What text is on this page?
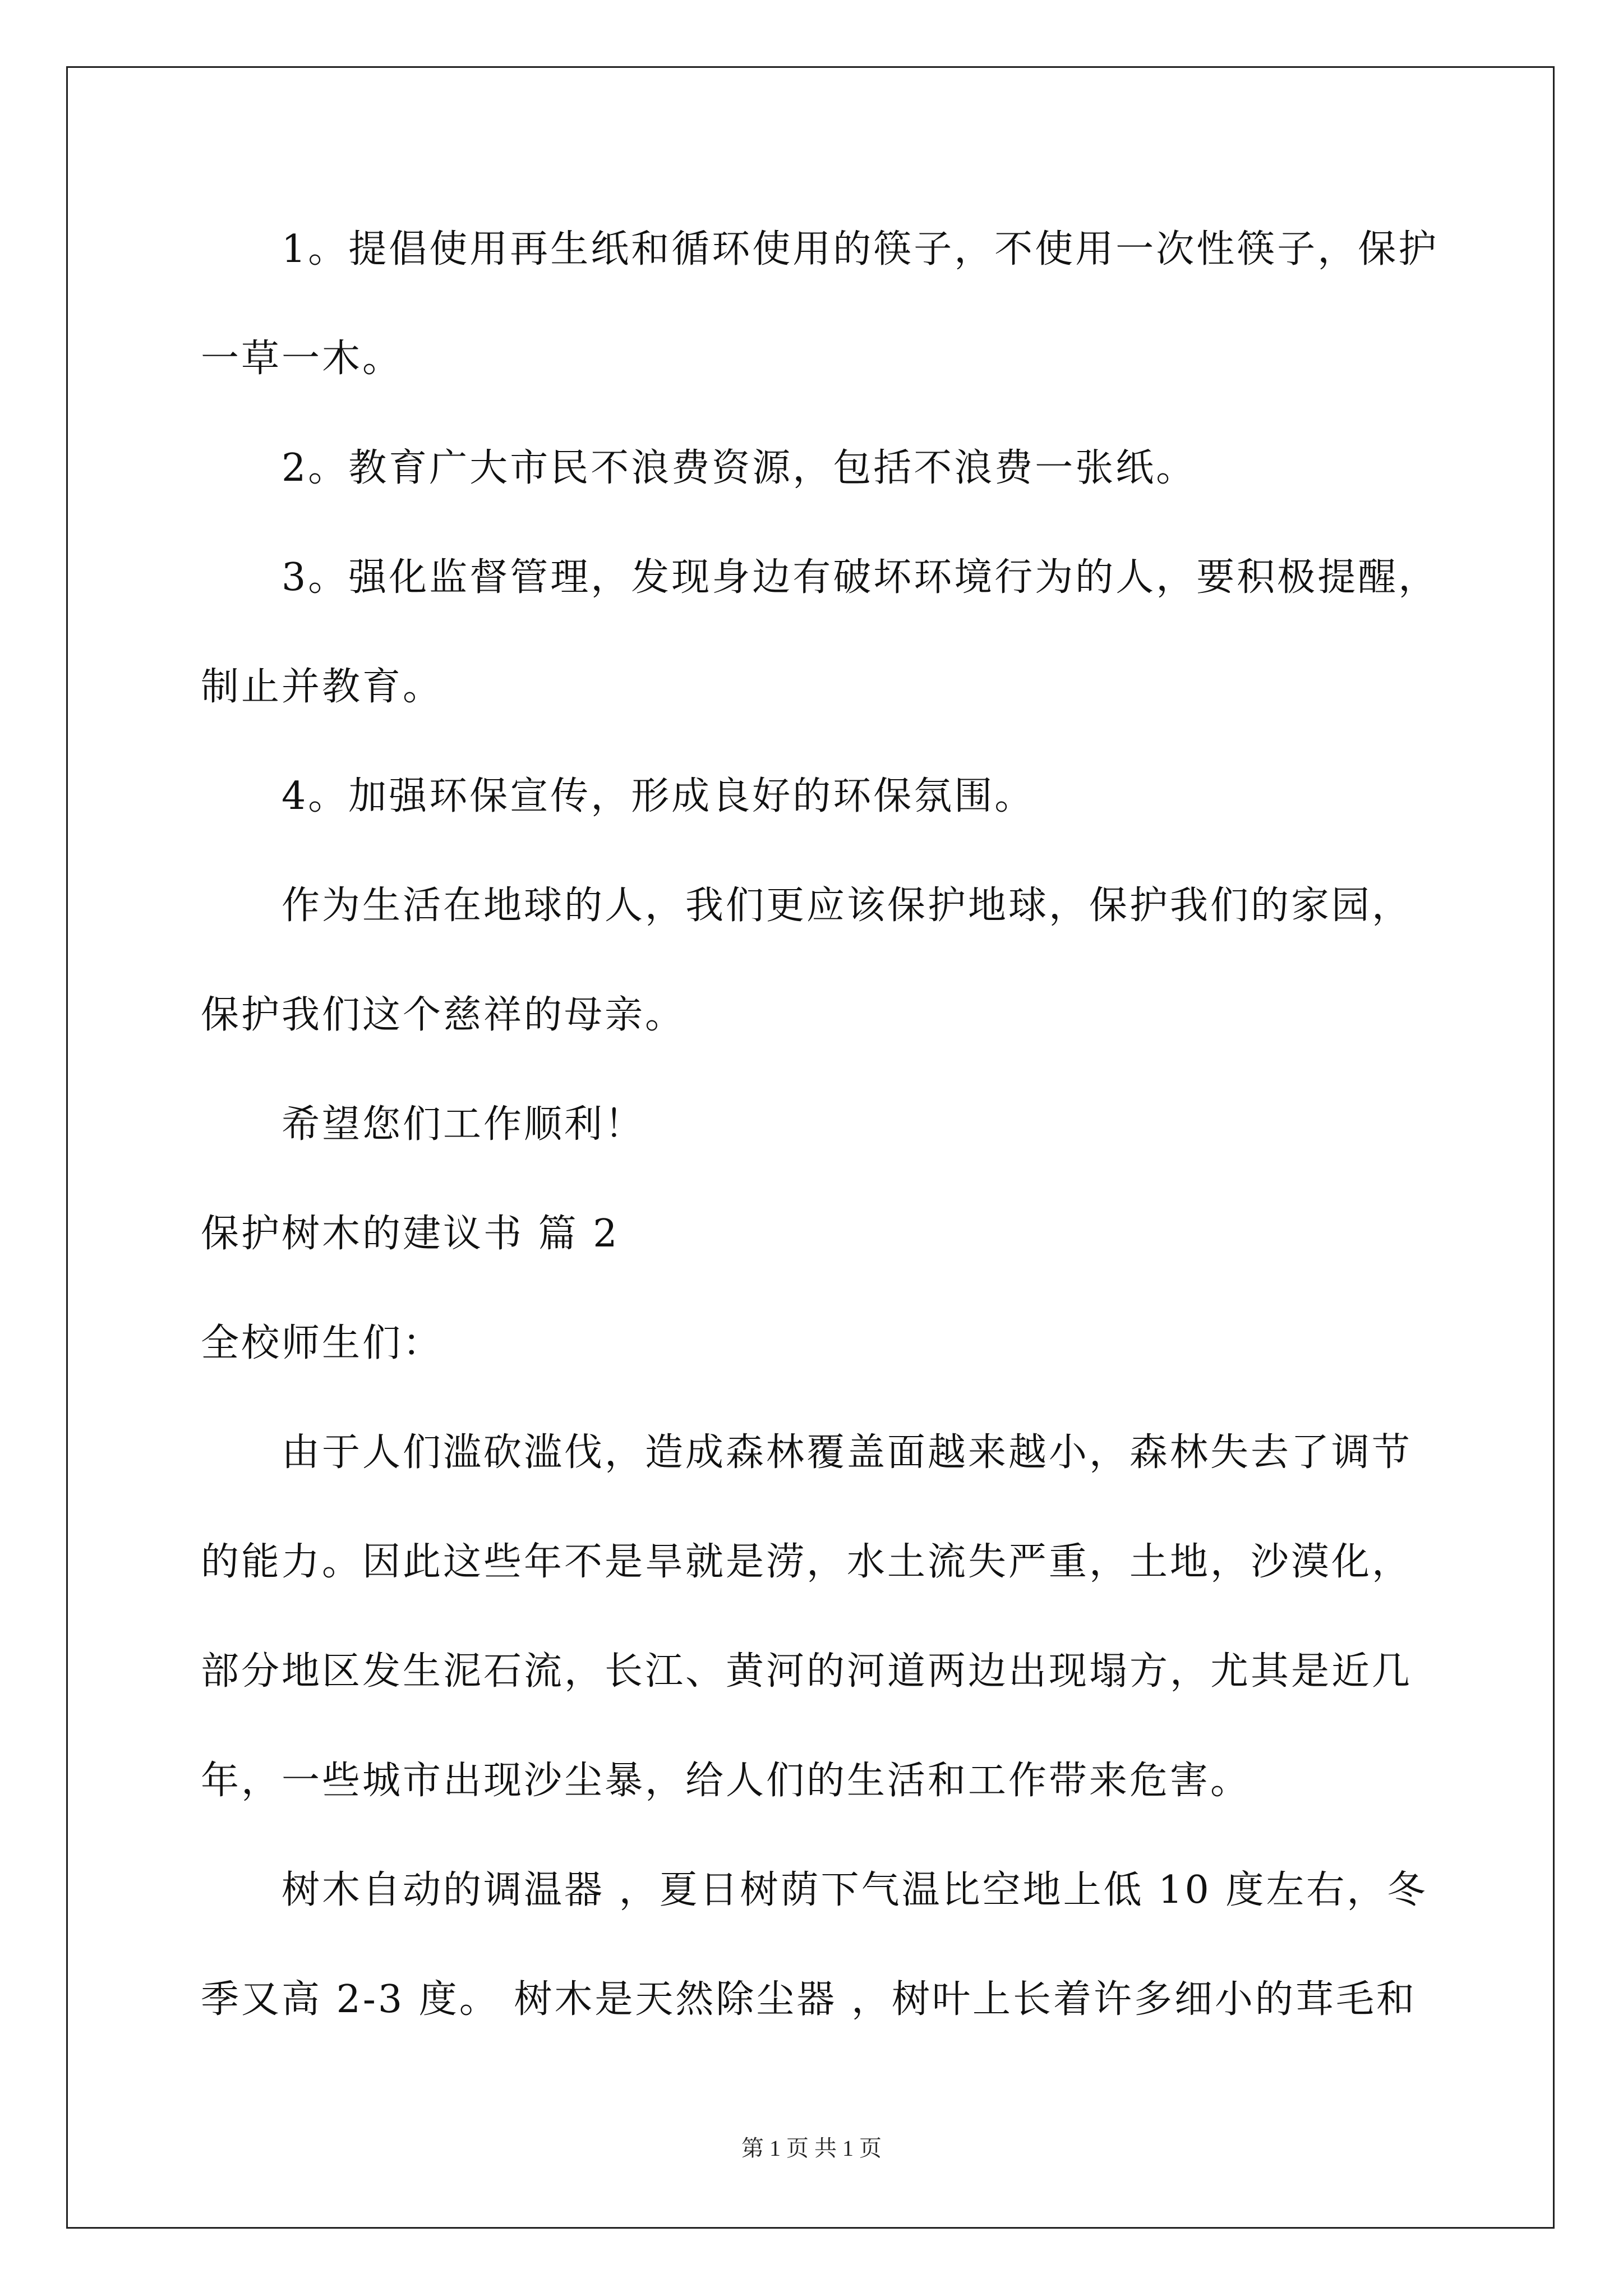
1。提倡使用再生纸和循环使用的筷子，不使用一次性筷子，保护
一草一木。
2。教育广大市民不浪费资源，包括不浪费一张纸。
3。强化监督管理，发现身边有破坏环境行为的人，要积极提醒，
制止并教育。
4。加强环保宣传，形成良好的环保氛围。
作为生活在地球的人，我们更应该保护地球，保护我们的家园，
保护我们这个慈祥的母亲。
希望您们工作顺利！
保护树木的建议书 篇 2
全校师生们：
由于人们滥砍滥伐，造成森林覆盖面越来越小，森林失去了调节
的能力。因此这些年不是旱就是涝，水土流失严重，土地，沙漠化，
部分地区发生泥石流，长江、黄河的河道两边出现塌方，尤其是近几
年，一些城市出现沙尘暴，给人们的生活和工作带来危害。
树木自动的调温器 ，夏日树荫下气温比空地上低 10 度左右，冬
季又高 2-3 度。 树木是天然除尘器 ，树叶上长着许多细小的茸毛和
第 1 页 共 1 页
